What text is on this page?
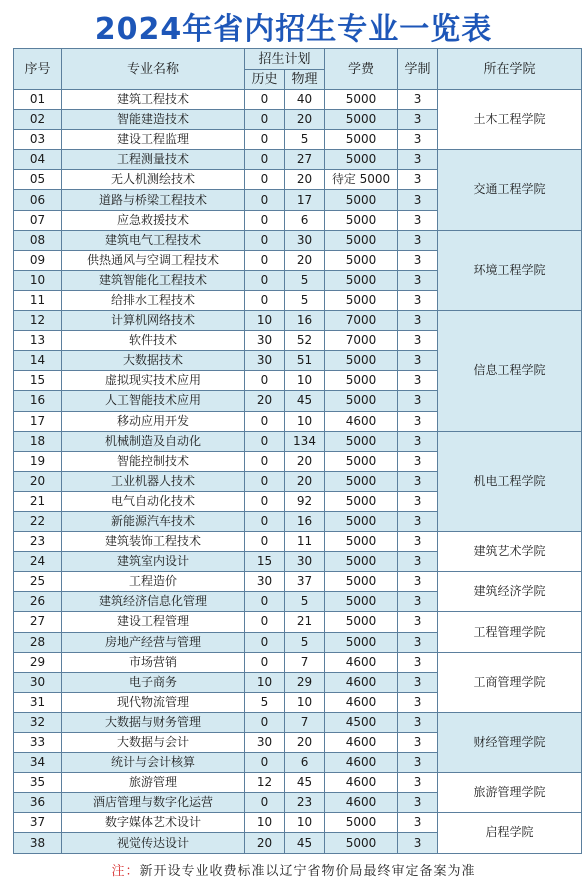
2024年省内招生专业一览表
序号	专业名称	招生计划		学费	学制	所在学院
		历史	物理			
01	建筑工程技术	0	40	5000	3	土木工程学院
02	智能建造技术	0	20	5000	3	
03	建设工程监理	0	5	5000	3	
04	工程测量技术	0	27	5000	3	交通工程学院
05	无人机测绘技术	0	20	待定 5000	3	
06	道路与桥梁工程技术	0	17	5000	3	
07	应急救援技术	0	6	5000	3	
08	建筑电气工程技术	0	30	5000	3	环境工程学院
09	供热通风与空调工程技术	0	20	5000	3	
10	建筑智能化工程技术	0	5	5000	3	
11	给排水工程技术	0	5	5000	3	
12	计算机网络技术	10	16	7000	3	信息工程学院
13	软件技术	30	52	7000	3	
14	大数据技术	30	51	5000	3	
15	虚拟现实技术应用	0	10	5000	3	
16	人工智能技术应用	20	45	5000	3	
17	移动应用开发	0	10	4600	3	
18	机械制造及自动化	0	134	5000	3	机电工程学院
19	智能控制技术	0	20	5000	3	
20	工业机器人技术	0	20	5000	3	
21	电气自动化技术	0	92	5000	3	
22	新能源汽车技术	0	16	5000	3	
23	建筑装饰工程技术	0	11	5000	3	建筑艺术学院
24	建筑室内设计	15	30	5000	3	
25	工程造价	30	37	5000	3	建筑经济学院
26	建筑经济信息化管理	0	5	5000	3	
27	建设工程管理	0	21	5000	3	工程管理学院
28	房地产经营与管理	0	5	5000	3	
29	市场营销	0	7	4600	3	工商管理学院
30	电子商务	10	29	4600	3	
31	现代物流管理	5	10	4600	3	
32	大数据与财务管理	0	7	4500	3	财经管理学院
33	大数据与会计	30	20	4600	3	
34	统计与会计核算	0	6	4600	3	
35	旅游管理	12	45	4600	3	旅游管理学院
36	酒店管理与数字化运营	0	23	4600	3	
37	数字媒体艺术设计	10	10	5000	3	启程学院
38	视觉传达设计	20	45	5000	3	
注：新开设专业收费标准以辽宁省物价局最终审定备案为准
